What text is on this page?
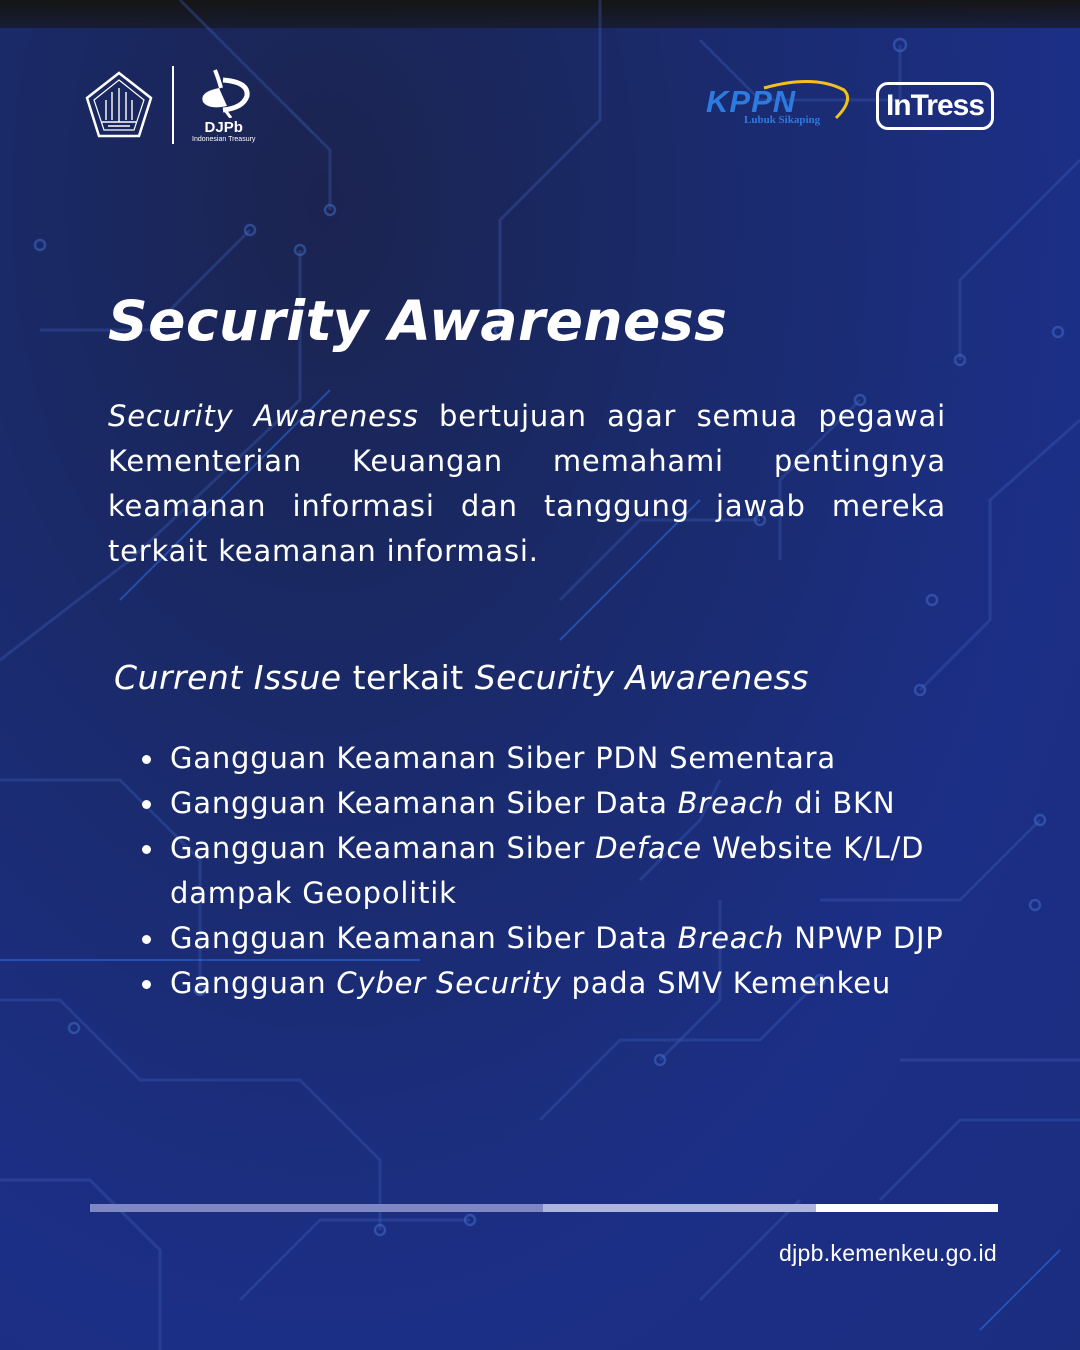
DJPb
Indonesian Treasury
KPPN
Lubuk Sikaping InTress
Security Awareness

Security Awareness bertujuan agar semua pegawai Kementerian Keuangan memahami pentingnya keamanan informasi dan tanggung jawab mereka terkait keamanan informasi.

Current Issue terkait Security Awareness
Gangguan Keamanan Siber PDN Sementara
Gangguan Keamanan Siber Data Breach di BKN
Gangguan Keamanan Siber Deface Website K/L/D dampak Geopolitik
Gangguan Keamanan Siber Data Breach NPWP DJP
Gangguan Cyber Security pada SMV Kemenkeu
djpb.kemenkeu.go.id
